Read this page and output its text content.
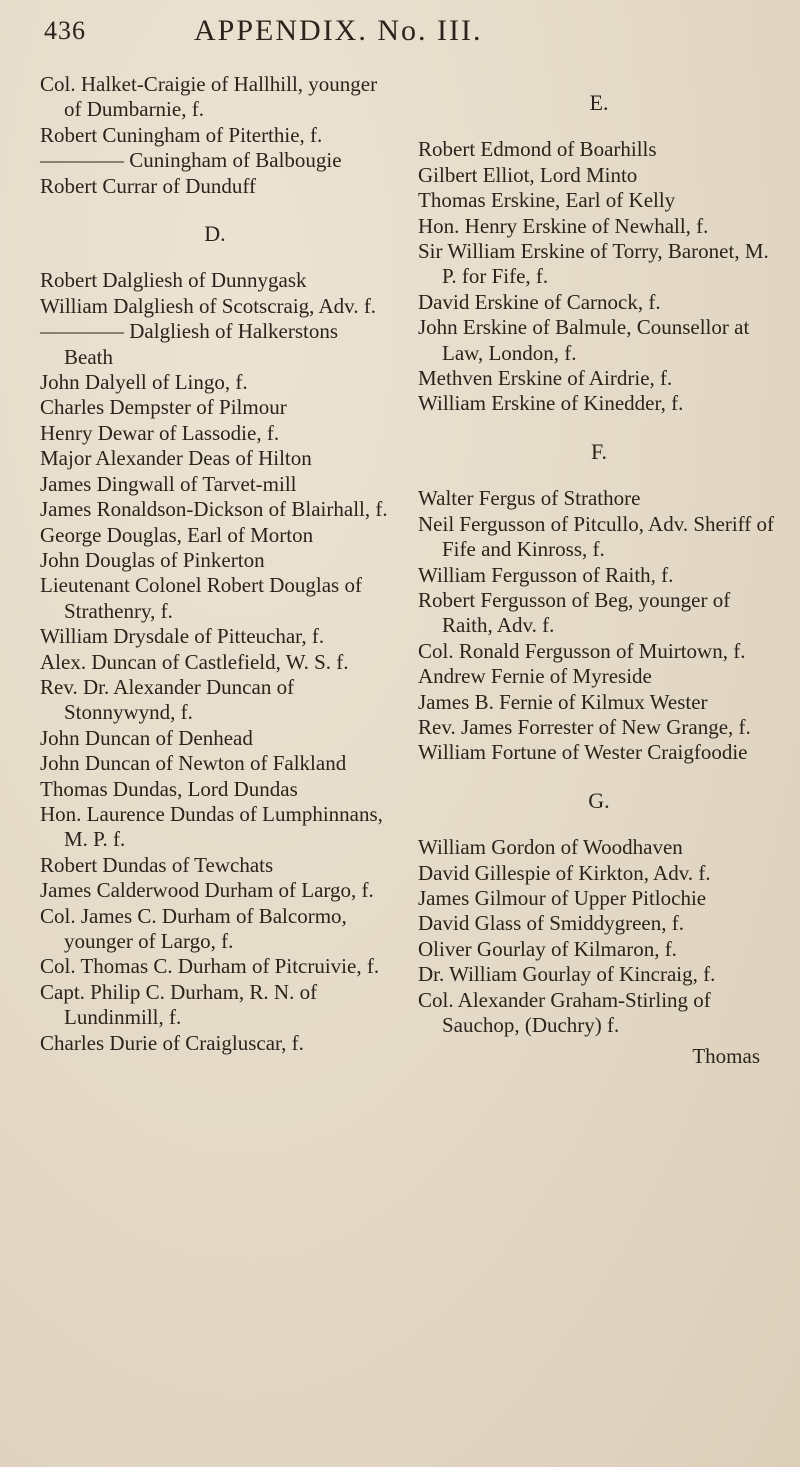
436	APPENDIX. No. III.
Col. Halket-Craigie of Hallhill, younger of Dumbarnie, f.
Robert Cuningham of Piterthie, f.
———— Cuningham of Balbougie
Robert Currar of Dunduff
D.
Robert Dalgliesh of Dunnygask
William Dalgliesh of Scotscraig, Adv. f.
———— Dalgliesh of Halkerstons Beath
John Dalyell of Lingo, f.
Charles Dempster of Pilmour
Henry Dewar of Lassodie, f.
Major Alexander Deas of Hilton
James Dingwall of Tarvet-mill
James Ronaldson-Dickson of Blairhall, f.
George Douglas, Earl of Morton
John Douglas of Pinkerton
Lieutenant Colonel Robert Douglas of Strathenry, f.
William Drysdale of Pitteuchar, f.
Alex. Duncan of Castlefield, W. S. f.
Rev. Dr. Alexander Duncan of Stonnywynd, f.
John Duncan of Denhead
John Duncan of Newton of Falkland
Thomas Dundas, Lord Dundas
Hon. Laurence Dundas of Lumphinnans, M. P. f.
Robert Dundas of Tewchats
James Calderwood Durham of Largo, f.
Col. James C. Durham of Balcormo, younger of Largo, f.
Col. Thomas C. Durham of Pitcruivie, f.
Capt. Philip C. Durham, R. N. of Lundinmill, f.
Charles Durie of Craigluscar, f.
E.
Robert Edmond of Boarhills
Gilbert Elliot, Lord Minto
Thomas Erskine, Earl of Kelly
Hon. Henry Erskine of Newhall, f.
Sir William Erskine of Torry, Baronet, M. P. for Fife, f.
David Erskine of Carnock, f.
John Erskine of Balmule, Counsellor at Law, London, f.
Methven Erskine of Airdrie, f.
William Erskine of Kinedder, f.
F.
Walter Fergus of Strathore
Neil Fergusson of Pitcullo, Adv. Sheriff of Fife and Kinross, f.
William Fergusson of Raith, f.
Robert Fergusson of Beg, younger of Raith, Adv. f.
Col. Ronald Fergusson of Muirtown, f.
Andrew Fernie of Myreside
James B. Fernie of Kilmux Wester
Rev. James Forrester of New Grange, f.
William Fortune of Wester Craigfoodie
G.
William Gordon of Woodhaven
David Gillespie of Kirkton, Adv. f.
James Gilmour of Upper Pitlochie
David Glass of Smiddygreen, f.
Oliver Gourlay of Kilmaron, f.
Dr. William Gourlay of Kincraig, f.
Col. Alexander Graham-Stirling of Sauchop, (Duchry) f.
Thomas
